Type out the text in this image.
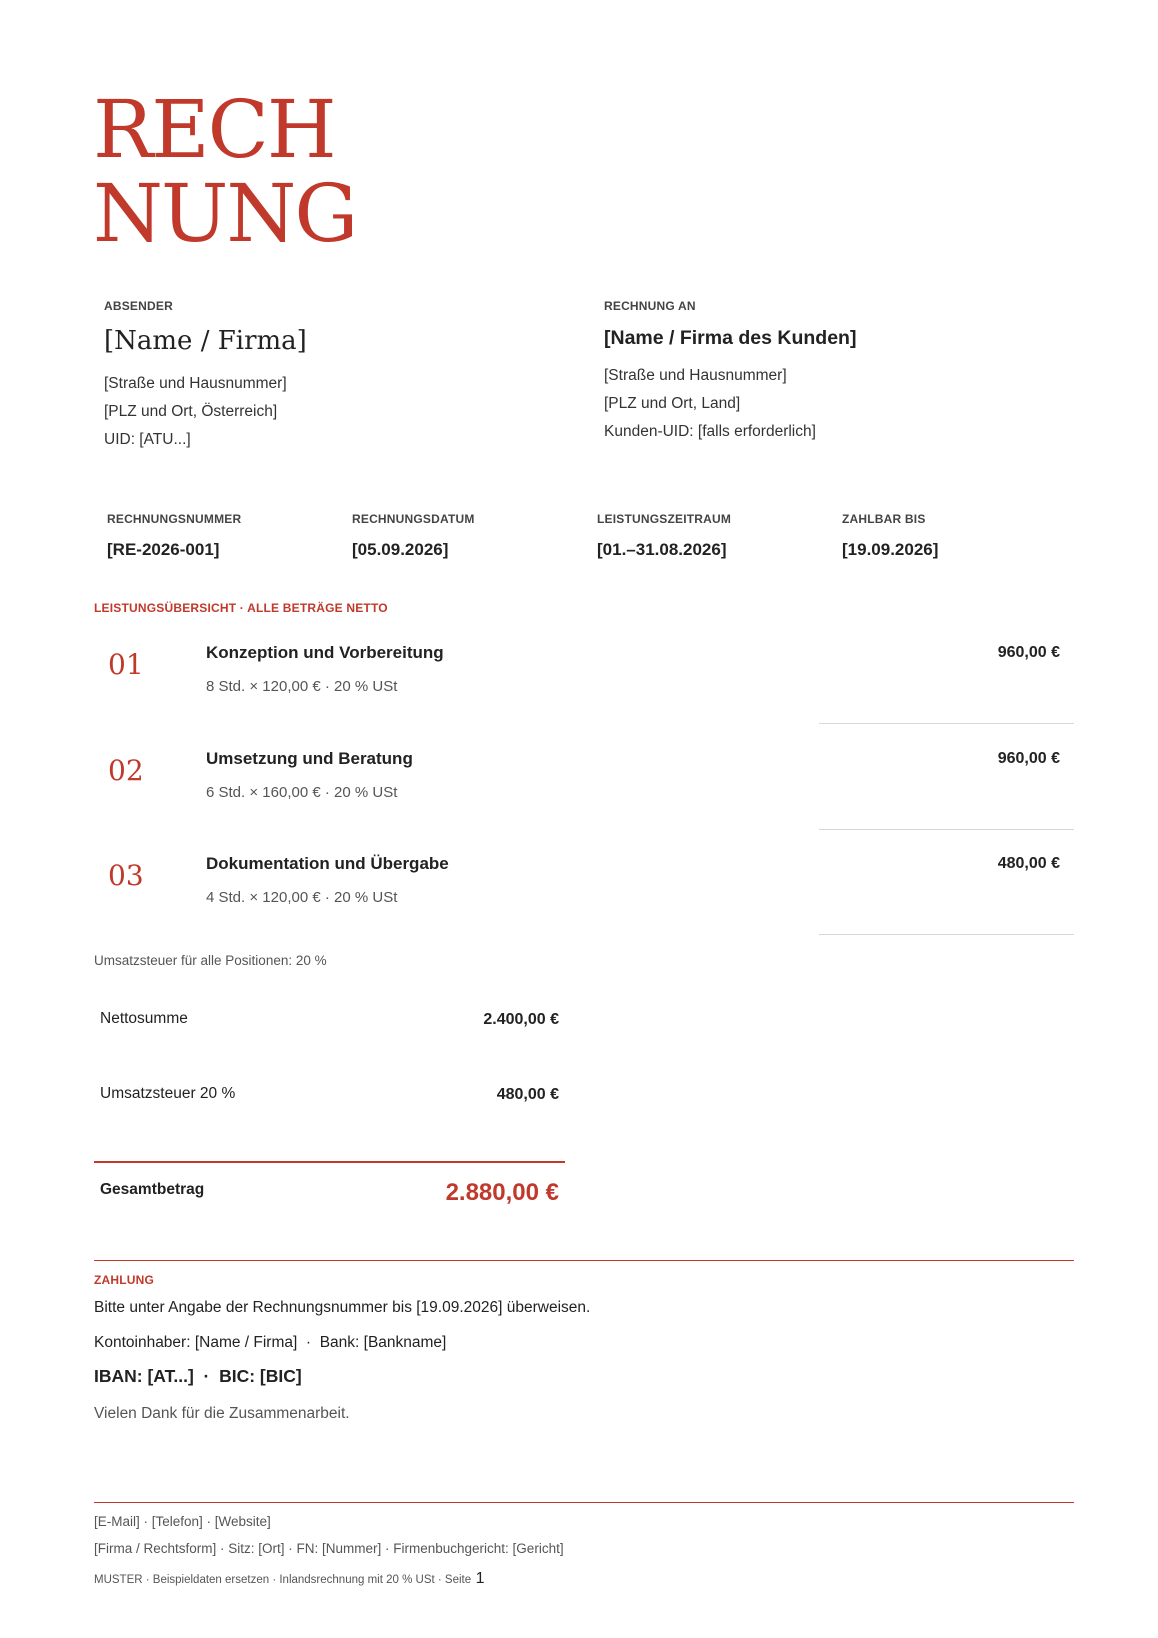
RECH
NUNG
ABSENDER
[Name / Firma]
[Straße und Hausnummer]
[PLZ und Ort, Österreich]
UID: [ATU...]
RECHNUNG AN
[Name / Firma des Kunden]
[Straße und Hausnummer]
[PLZ und Ort, Land]
Kunden-UID: [falls erforderlich]
RECHNUNGSNUMMER
[RE-2026-001]
RECHNUNGSDATUM
[05.09.2026]
LEISTUNGSZEITRAUM
[01.–31.08.2026]
ZAHLBAR BIS
[19.09.2026]
LEISTUNGSÜBERSICHT · ALLE BETRÄGE NETTO
01	Konzeption und Vorbereitung
8 Std. × 120,00 € · 20 % USt
960,00 €
02	Umsetzung und Beratung
6 Std. × 160,00 € · 20 % USt
960,00 €
03	Dokumentation und Übergabe
4 Std. × 120,00 € · 20 % USt
480,00 €
Umsatzsteuer für alle Positionen: 20 %
Nettosumme	2.400,00 €
Umsatzsteuer 20 %	480,00 €
Gesamtbetrag	2.880,00 €
ZAHLUNG
Bitte unter Angabe der Rechnungsnummer bis [19.09.2026] überweisen.
Kontoinhaber: [Name / Firma]  ·  Bank: [Bankname]
IBAN: [AT...]  ·  BIC: [BIC]
Vielen Dank für die Zusammenarbeit.
[E-Mail] · [Telefon] · [Website]
[Firma / Rechtsform] · Sitz: [Ort] · FN: [Nummer] · Firmenbuchgericht: [Gericht]
MUSTER · Beispieldaten ersetzen · Inlandsrechnung mit 20 % USt · Seite 1
